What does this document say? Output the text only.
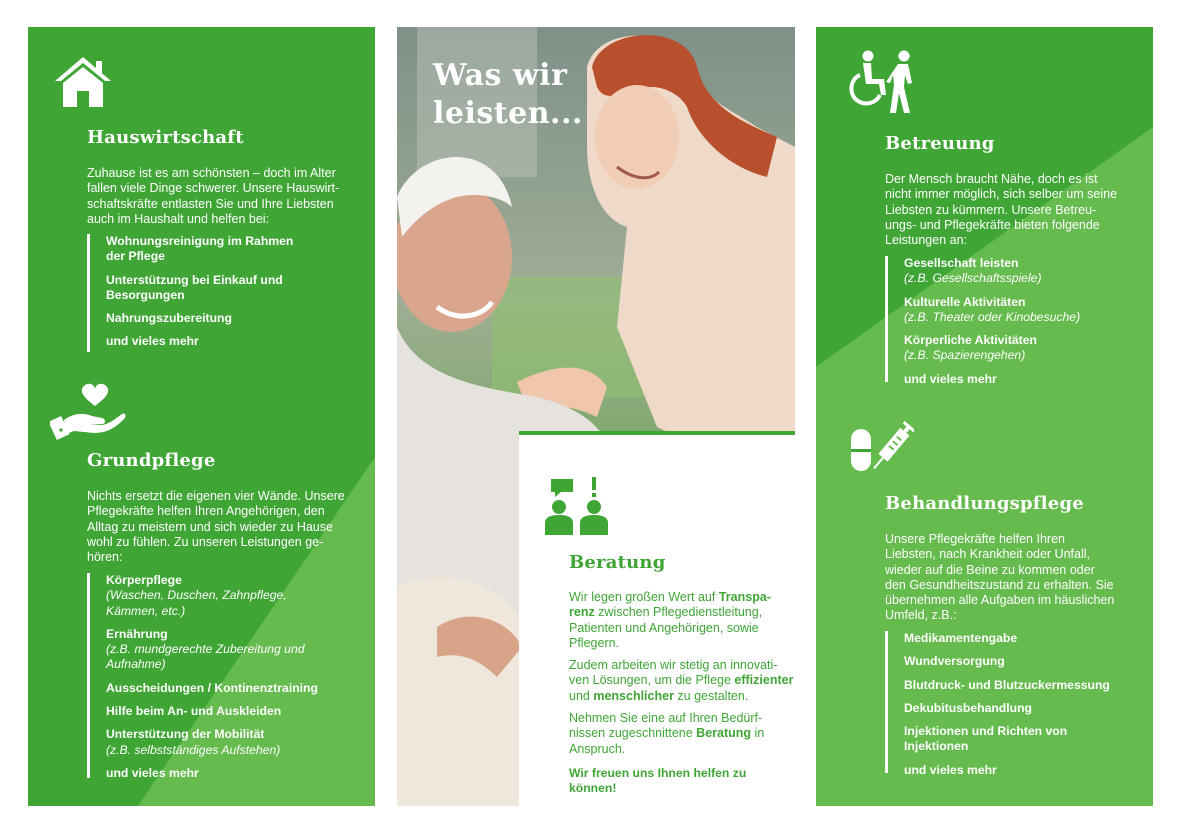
Hauswirtschaft
Zuhause ist es am schönsten – doch im Alter
fallen viele Dinge schwerer. Unsere Hauswirt-
schaftskräfte entlasten Sie und Ihre Liebsten
auch im Haushalt und helfen bei:
Wohnungsreinigung im Rahmen
der Pflege
Unterstützung bei Einkauf und
Besorgungen
Nahrungszubereitung
und vieles mehr
Grundpflege
Nichts ersetzt die eigenen vier Wände. Unsere
Pflegekräfte helfen Ihren Angehörigen, den
Alltag zu meistern und sich wieder zu Hause
wohl zu fühlen. Zu unseren Leistungen ge-
hören:
Körperpflege
(Waschen, Duschen, Zahnpflege,
Kämmen, etc.)
Ernährung
(z.B. mundgerechte Zubereitung und
Aufnahme)
Ausscheidungen / Kontinenztraining
Hilfe beim An- und Auskleiden
Unterstützung der Mobilität
(z.B. selbstständiges Aufstehen)
und vieles mehr
Was wir
leisten...
Beratung
Wir legen großen Wert auf Transpa-
renz zwischen Pflegedienstleitung,
Patienten und Angehörigen, sowie
Pflegern.
Zudem arbeiten wir stetig an innovati-
ven Lösungen, um die Pflege effizienter
und menschlicher zu gestalten.
Nehmen Sie eine auf Ihren Bedürf-
nissen zugeschnittene Beratung in
Anspruch.
Wir freuen uns Ihnen helfen zu können!
Betreuung
Der Mensch braucht Nähe, doch es ist
nicht immer möglich, sich selber um seine
Liebsten zu kümmern. Unsere Betreu-
ungs- und Pflegekräfte bieten folgende
Leistungen an:
Gesellschaft leisten
(z.B. Gesellschaftsspiele)
Kulturelle Aktivitäten
(z.B. Theater oder Kinobesuche)
Körperliche Aktivitäten
(z.B. Spazierengehen)
und vieles mehr
Behandlungspflege
Unsere Pflegekräfte helfen Ihren
Liebsten, nach Krankheit oder Unfall,
wieder auf die Beine zu kommen oder
den Gesundheitszustand zu erhalten. Sie
übernehmen alle Aufgaben im häuslichen
Umfeld, z.B.:
Medikamentengabe
Wundversorgung
Blutdruck- und Blutzuckermessung
Dekubitusbehandlung
Injektionen und Richten von
Injektionen
und vieles mehr
